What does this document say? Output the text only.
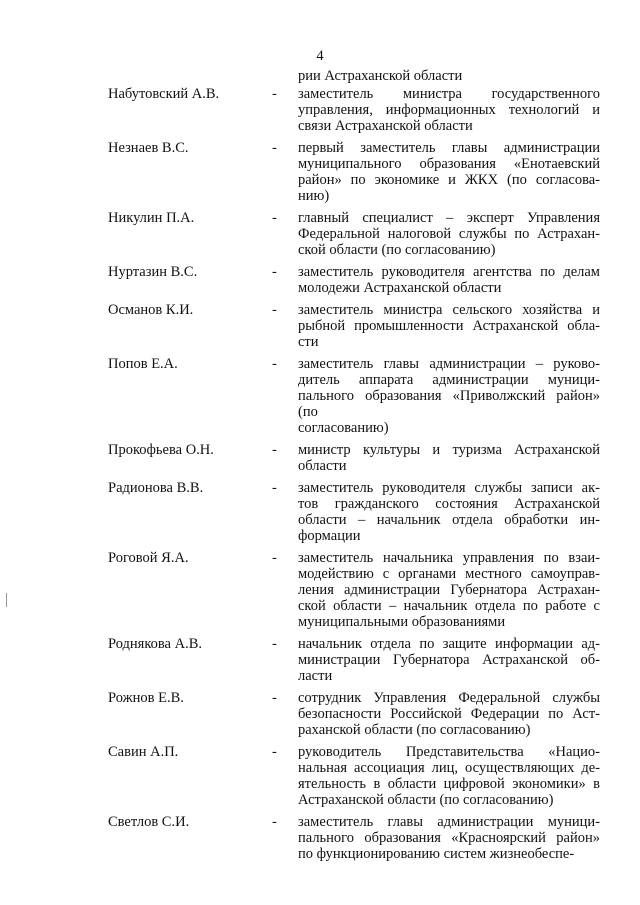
4
рии Астраханской области
Набутовский А.В.	- заместитель министра государственного
управления, информационных технологий и
связи Астраханской области
Незнаев В.С.	- первый заместитель главы администрации
муниципального образования «Енотаевский
район» по экономике и ЖКХ (по согласова-
нию)
Никулин П.А.	- главный специалист – эксперт Управления
Федеральной налоговой службы по Астрахан-
ской области (по согласованию)
Нуртазин В.С.	- заместитель руководителя агентства по делам
молодежи Астраханской области
Османов К.И.	- заместитель министра сельского хозяйства и
рыбной промышленности Астраханской обла-
сти
Попов Е.А.	- заместитель главы администрации – руково-
дитель аппарата администрации муници-
пального образования «Приволжский район» (по
согласованию)
Прокофьева О.Н.	- министр культуры и туризма Астраханской
области
Радионова В.В.	- заместитель руководителя службы записи ак-
тов гражданского состояния Астраханской
области – начальник отдела обработки ин-
формации
Роговой Я.А.	- заместитель начальника управления по взаи-
модействию с органами местного самоуправ-
ления администрации Губернатора Астрахан-
ской области – начальник отдела по работе с
муниципальными образованиями
Роднякова А.В.	- начальник отдела по защите информации ад-
министрации Губернатора Астраханской об-
ласти
Рожнов Е.В.	- сотрудник Управления Федеральной службы
безопасности Российской Федерации по Аст-
раханской области (по согласованию)
Савин А.П.	- руководитель Представительства «Нацио-
нальная ассоциация лиц, осуществляющих де-
ятельность в области цифровой экономики» в
Астраханской области (по согласованию)
Светлов С.И.	- заместитель главы администрации муници-
пального образования «Красноярский район»
по функционированию систем жизнеобеспе-
